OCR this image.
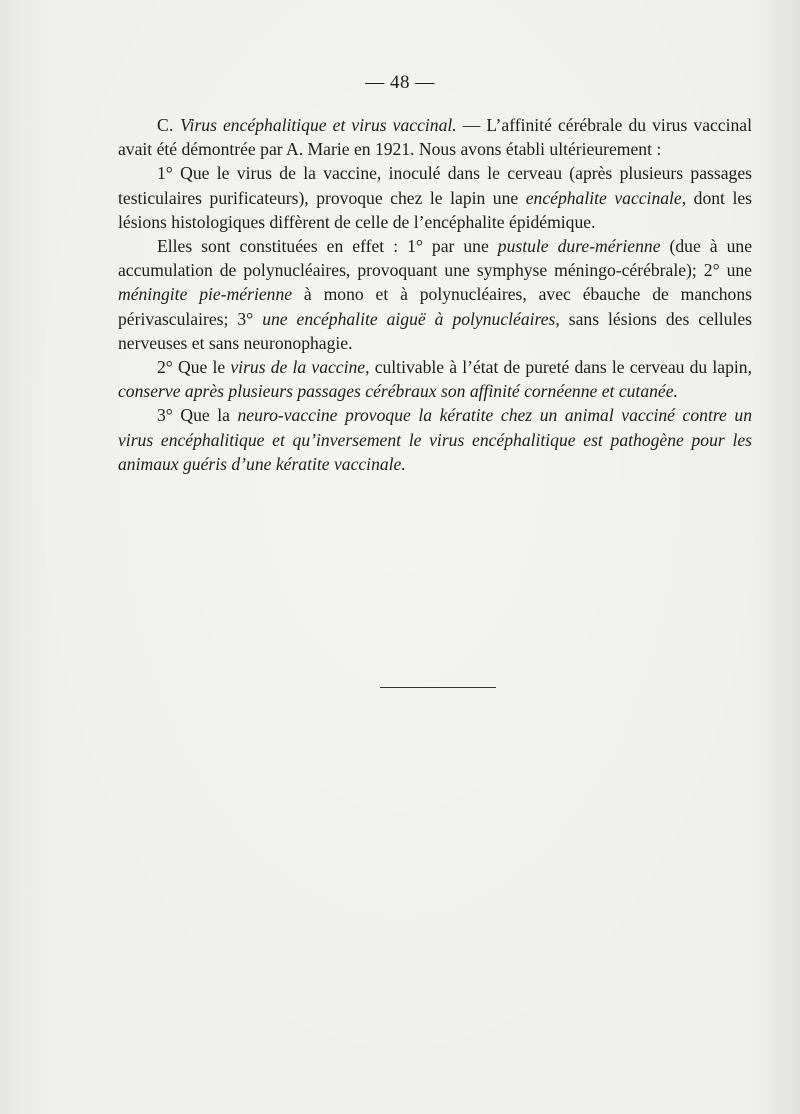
— 48 —

C. Virus encéphalitique et virus vaccinal. — L’affinité cérébrale du virus vaccinal avait été démontrée par A. Marie en 1921. Nous avons établi ultérieurement :

1° Que le virus de la vaccine, inoculé dans le cerveau (après plusieurs passages testiculaires purificateurs), provoque chez le lapin une encéphalite vaccinale, dont les lésions histologiques diffèrent de celle de l’encéphalite épidémique.

Elles sont constituées en effet : 1° par une pustule dure-mérienne (due à une accumulation de polynucléaires, provoquant une symphyse méningo-cérébrale); 2° une méningite pie-mérienne à mono et à polynucléaires, avec ébauche de manchons périvasculaires; 3° une encéphalite aiguë à polynucléaires, sans lésions des cellules nerveuses et sans neuronophagie.

2° Que le virus de la vaccine, cultivable à l’état de pureté dans le cerveau du lapin, conserve après plusieurs passages cérébraux son affinité cornéenne et cutanée.

3° Que la neuro-vaccine provoque la kératite chez un animal vacciné contre un virus encéphalitique et qu’inversement le virus encéphalitique est pathogène pour les animaux guéris d’une kératite vaccinale.
